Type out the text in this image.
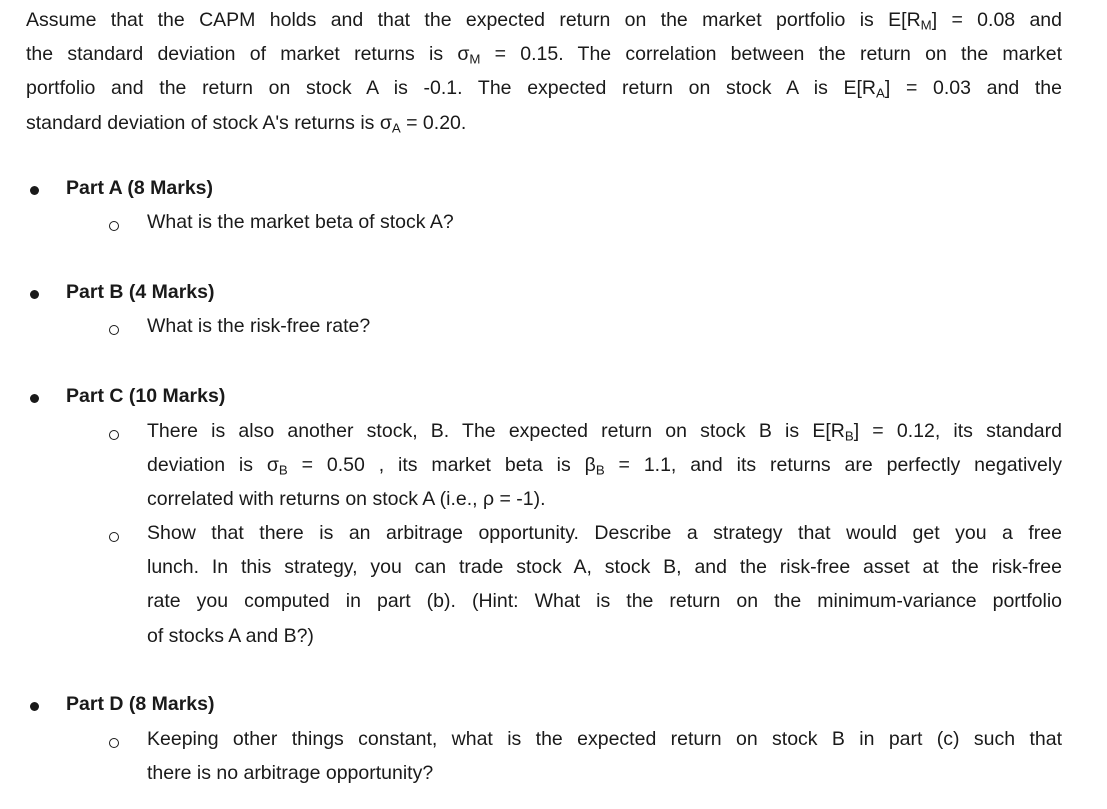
Assume that the CAPM holds and that the expected return on the market portfolio is $E[R_M] = 0.08$ and
the standard deviation of market returns is $\sigma_M = 0.15$. The correlation between the return on the market
portfolio and the return on stock A is -0.1. The expected return on stock A is $E[R_A] = 0.03$ and the
standard deviation of stock A's returns is $\sigma_A = 0.20$.

Part A (8 Marks)
What is the market beta of stock A?
Part B (4 Marks)
What is the risk-free rate?
Part C (10 Marks)
There is also another stock, B. The expected return on stock B is $E[R_B] = 0.12$, its standard
deviation is $\sigma_B = 0.50$ , its market beta is $\beta_B = 1.1$, and its returns are perfectly negatively
correlated with returns on stock A (i.e., ρ = -1).
Show that there is an arbitrage opportunity. Describe a strategy that would get you a free
lunch. In this strategy, you can trade stock A, stock B, and the risk-free asset at the risk-free
rate you computed in part (b). (Hint: What is the return on the minimum-variance portfolio
of stocks A and B?)
Part D (8 Marks)
Keeping other things constant, what is the expected return on stock B in part (c) such that
there is no arbitrage opportunity?
